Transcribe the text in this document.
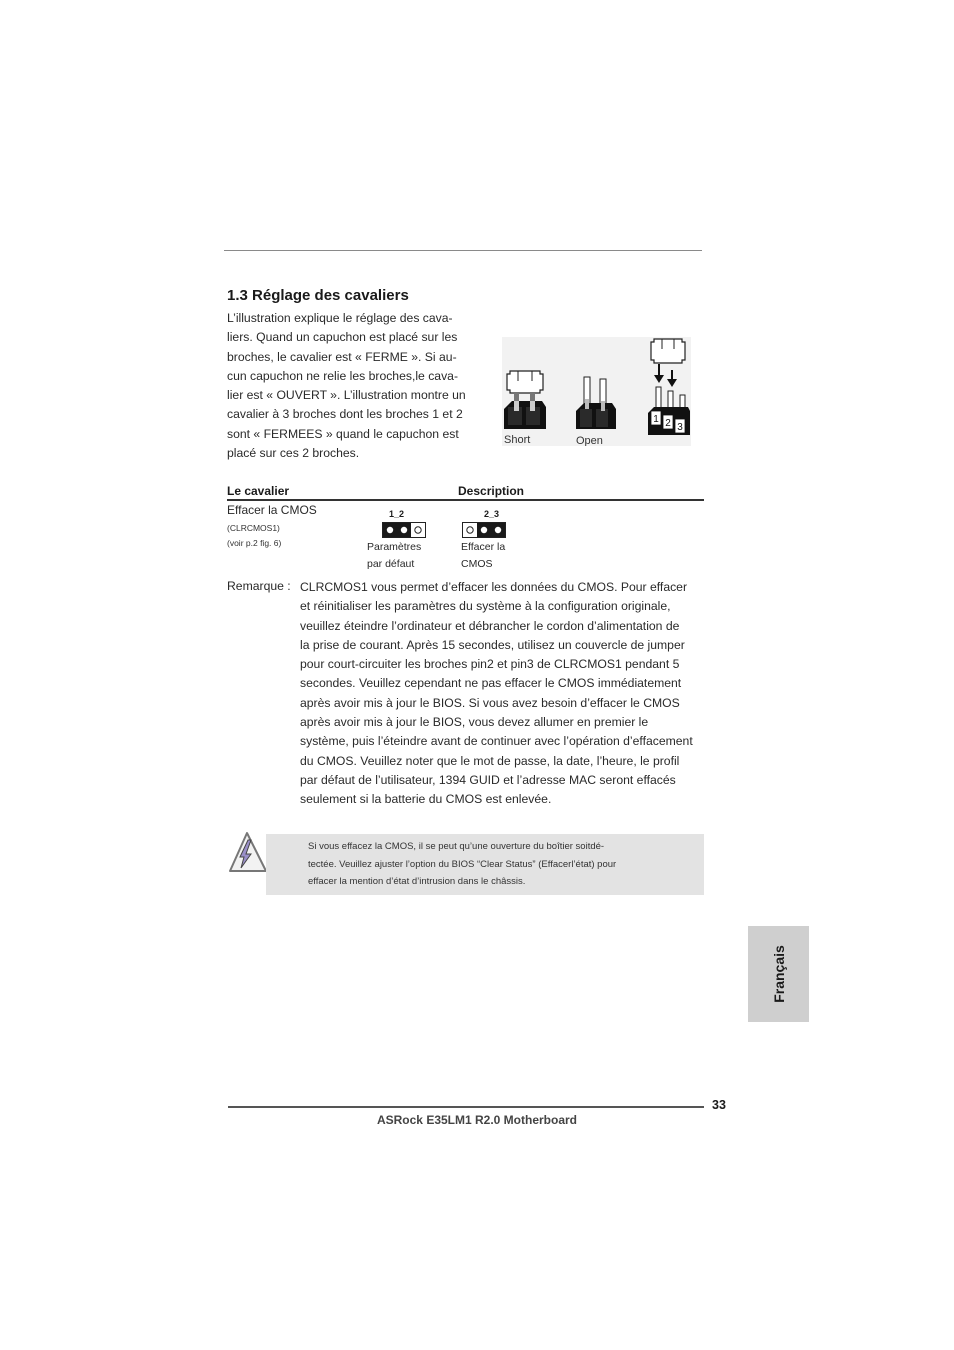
1.3 Réglage des cavaliers

L’illustration explique le réglage des cava-

liers. Quand un capuchon est placé sur les

broches, le cavalier est « FERME ». Si au-

cun capuchon ne relie les broches,le cava-

lier est « OUVERT ». L’illustration montre un

cavalier à 3 broches dont les broches 1 et 2

sont « FERMEES » quand le capuchon est

placé sur ces 2 broches.

1 2 3
Short	Open
Le cavalier	Description
Effacer la CMOS
(CLRCMOS1)
(voir p.2 fig. 6)
1_2
Paramètres
par défaut
2_3
Effacer la
CMOS
Remarque : CLRCMOS1 vous permet d’effacer les données du CMOS. Pour effacer

et réinitialiser les paramètres du système à la configuration originale,

veuillez éteindre l’ordinateur et débrancher le cordon d’alimentation de

la prise de courant. Après 15 secondes, utilisez un couvercle de jumper

pour court-circuiter les broches pin2 et pin3 de CLRCMOS1 pendant 5

secondes. Veuillez cependant ne pas effacer le CMOS immédiatement

après avoir mis à jour le BIOS. Si vous avez besoin d’effacer le CMOS

après avoir mis à jour le BIOS, vous devez allumer en premier le

système, puis l’éteindre avant de continuer avec l’opération d’effacement

du CMOS. Veuillez noter que le mot de passe, la date, l’heure, le profil

par défaut de l’utilisateur, 1394 GUID et l’adresse MAC seront effacés

seulement si la batterie du CMOS est enlevée.

Si vous effacez la CMOS, il se peut qu’une ouverture du boîtier soitdé-

tectée. Veuillez ajuster l’option du BIOS “Clear Status” (Effacerl’état) pour

effacer la mention d’état d’intrusion dans le châssis.

Français
33
ASRock E35LM1 R2.0 Motherboard
